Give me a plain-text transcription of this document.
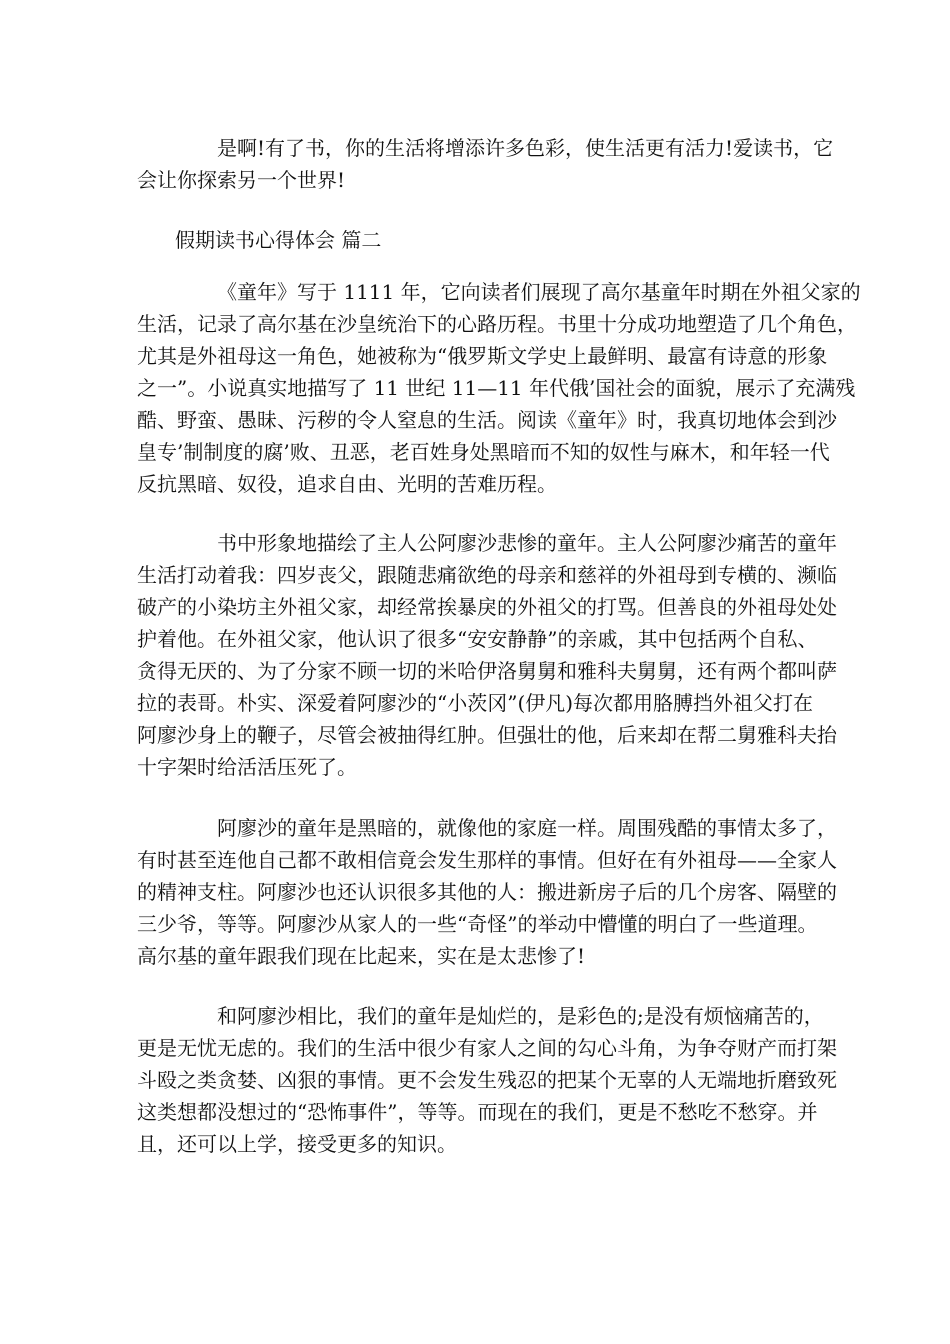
是啊!有了书，你的生活将增添许多色彩，使生活更有活力!爱读书，它
会让你探索另一个世界!
假期读书心得体会 篇二
《童年》写于 1111 年，它向读者们展现了高尔基童年时期在外祖父家的
生活，记录了高尔基在沙皇统治下的心路历程。书里十分成功地塑造了几个角色，
尤其是外祖母这一角色，她被称为“俄罗斯文学史上最鲜明、最富有诗意的形象
之一”。小说真实地描写了 11 世纪 11—11 年代俄’国社会的面貌，展示了充满残
酷、野蛮、愚昧、污秽的令人窒息的生活。阅读《童年》时，我真切地体会到沙
皇专’制制度的腐’败、丑恶，老百姓身处黑暗而不知的奴性与麻木，和年轻一代
反抗黑暗、奴役，追求自由、光明的苦难历程。
书中形象地描绘了主人公阿廖沙悲惨的童年。主人公阿廖沙痛苦的童年
生活打动着我：四岁丧父，跟随悲痛欲绝的母亲和慈祥的外祖母到专横的、濒临
破产的小染坊主外祖父家，却经常挨暴戾的外祖父的打骂。但善良的外祖母处处
护着他。在外祖父家，他认识了很多“安安静静”的亲戚，其中包括两个自私、
贪得无厌的、为了分家不顾一切的米哈伊洛舅舅和雅科夫舅舅，还有两个都叫萨
拉的表哥。朴实、深爱着阿廖沙的“小茨冈”(伊凡)每次都用胳膊挡外祖父打在
阿廖沙身上的鞭子，尽管会被抽得红肿。但强壮的他，后来却在帮二舅雅科夫抬
十字架时给活活压死了。
阿廖沙的童年是黑暗的，就像他的家庭一样。周围残酷的事情太多了，
有时甚至连他自己都不敢相信竟会发生那样的事情。但好在有外祖母——全家人
的精神支柱。阿廖沙也还认识很多其他的人：搬进新房子后的几个房客、隔壁的
三少爷，等等。阿廖沙从家人的一些“奇怪”的举动中懵懂的明白了一些道理。
高尔基的童年跟我们现在比起来，实在是太悲惨了!
和阿廖沙相比，我们的童年是灿烂的，是彩色的;是没有烦恼痛苦的，
更是无忧无虑的。我们的生活中很少有家人之间的勾心斗角，为争夺财产而打架
斗殴之类贪婪、凶狠的事情。更不会发生残忍的把某个无辜的人无端地折磨致死
这类想都没想过的“恐怖事件”，等等。而现在的我们，更是不愁吃不愁穿。并
且，还可以上学，接受更多的知识。
